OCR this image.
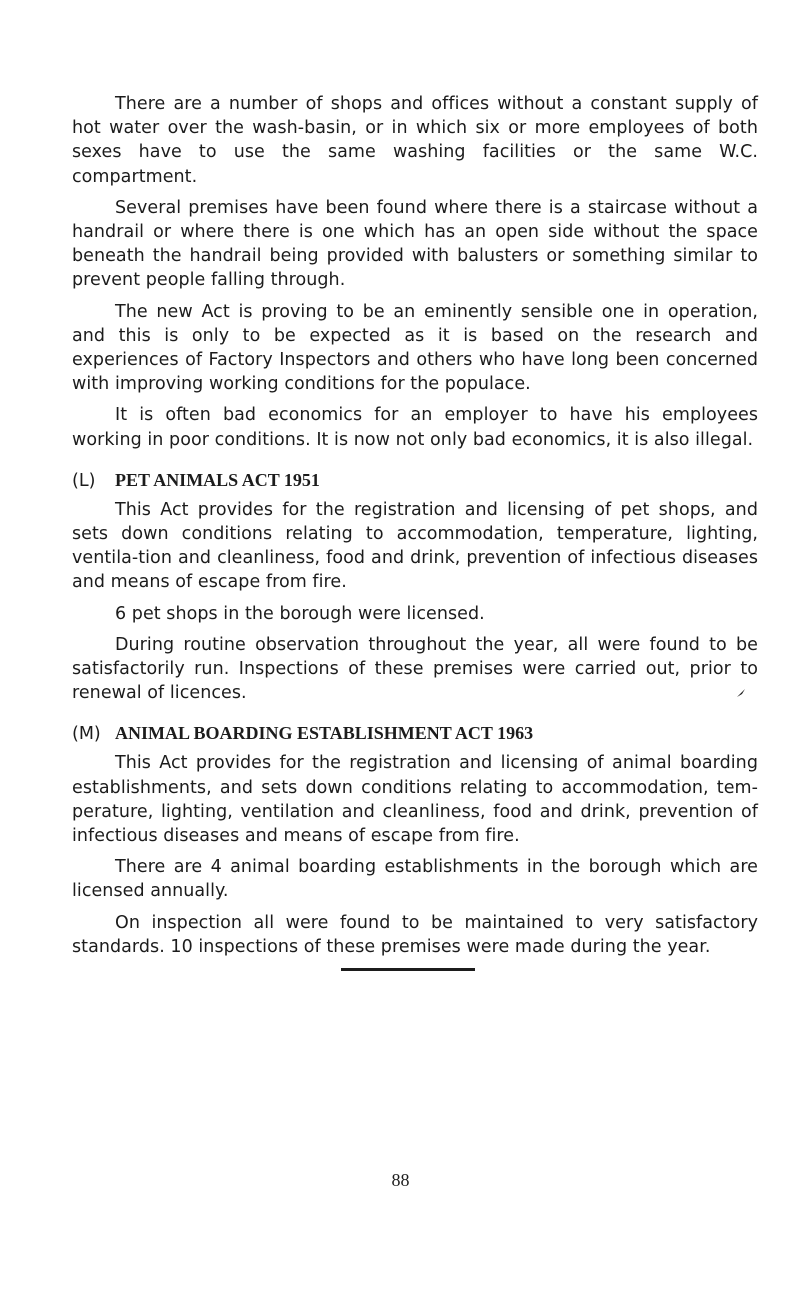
There are a number of shops and offices without a constant supply of hot water over the wash-basin, or in which six or more employees of both sexes have to use the same washing facilities or the same W.C. compartment.

Several premises have been found where there is a staircase without a handrail or where there is one which has an open side without the space beneath the handrail being provided with balusters or something similar to prevent people falling through.

The new Act is proving to be an eminently sensible one in operation, and this is only to be expected as it is based on the research and experiences of Factory Inspectors and others who have long been concerned with improving working conditions for the populace.

It is often bad economics for an employer to have his employees working in poor conditions. It is now not only bad economics, it is also illegal.

(L) PET ANIMALS ACT 1951

This Act provides for the registration and licensing of pet shops, and sets down conditions relating to accommodation, temperature, lighting, ventila-tion and cleanliness, food and drink, prevention of infectious diseases and means of escape from fire.

6 pet shops in the borough were licensed.

During routine observation throughout the year, all were found to be satisfactorily run. Inspections of these premises were carried out, prior to renewal of licences.

(M) ANIMAL BOARDING ESTABLISHMENT ACT 1963

This Act provides for the registration and licensing of animal boarding establishments, and sets down conditions relating to accommodation, tem-perature, lighting, ventilation and cleanliness, food and drink, prevention of infectious diseases and means of escape from fire.

There are 4 animal boarding establishments in the borough which are licensed annually.

On inspection all were found to be maintained to very satisfactory standards. 10 inspections of these premises were made during the year.

88
